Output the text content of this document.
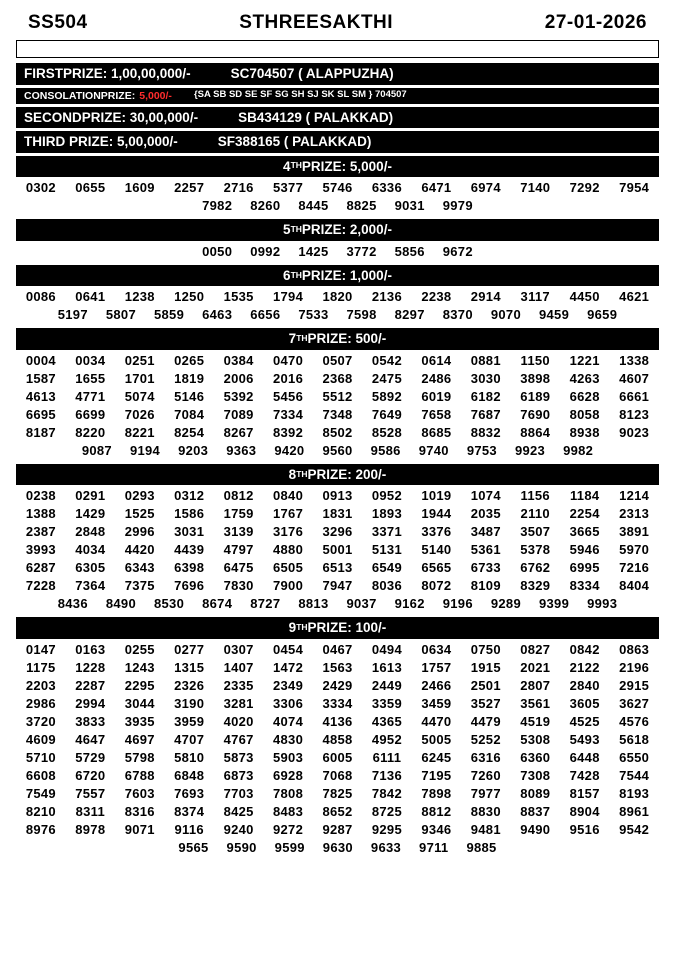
SS504	STHREESAKTHI	27-01-2026
FIRSTPRIZE: 1,00,00,000/-	SC704507 ( ALAPPUZHA)
CONSOLATIONPRIZE: 5,000/- {SA SB SD SE SF SG SH SJ SK SL SM } 704507
SECONDPRIZE: 30,00,000/-	SB434129 ( PALAKKAD)
THIRD PRIZE: 5,00,000/-	SF388165 ( PALAKKAD)
4 TH PRIZE: 5,000/-
0302	0655	1609	2257	2716	5377	5746	6336	6471	6974	7140	7292	7954
7982	8260	8445	8825	9031	9979
5 TH PRIZE: 2,000/-
0050	0992	1425	3772	5856	9672
6 TH PRIZE: 1,000/-
0086	0641	1238	1250	1535	1794	1820	2136	2238	2914	3117	4450	4621
5197	5807	5859	6463	6656	7533	7598	8297	8370	9070	9459	9659
7 TH PRIZE: 500/-
0004	0034	0251	0265	0384	0470	0507	0542	0614	0881	1150	1221	1338
1587	1655	1701	1819	2006	2016	2368	2475	2486	3030	3898	4263	4607
4613	4771	5074	5146	5392	5456	5512	5892	6019	6182	6189	6628	6661
6695	6699	7026	7084	7089	7334	7348	7649	7658	7687	7690	8058	8123
8187	8220	8221	8254	8267	8392	8502	8528	8685	8832	8864	8938	9023
9087	9194	9203	9363	9420	9560	9586	9740	9753	9923	9982
8 TH PRIZE: 200/-
0238	0291	0293	0312	0812	0840	0913	0952	1019	1074	1156	1184	1214
1388	1429	1525	1586	1759	1767	1831	1893	1944	2035	2110	2254	2313
2387	2848	2996	3031	3139	3176	3296	3371	3376	3487	3507	3665	3891
3993	4034	4420	4439	4797	4880	5001	5131	5140	5361	5378	5946	5970
6287	6305	6343	6398	6475	6505	6513	6549	6565	6733	6762	6995	7216
7228	7364	7375	7696	7830	7900	7947	8036	8072	8109	8329	8334	8404
8436	8490	8530	8674	8727	8813	9037	9162	9196	9289	9399	9993
9 TH PRIZE: 100/-
0147	0163	0255	0277	0307	0454	0467	0494	0634	0750	0827	0842	0863
1175	1228	1243	1315	1407	1472	1563	1613	1757	1915	2021	2122	2196
2203	2287	2295	2326	2335	2349	2429	2449	2466	2501	2807	2840	2915
2986	2994	3044	3190	3281	3306	3334	3359	3459	3527	3561	3605	3627
3720	3833	3935	3959	4020	4074	4136	4365	4470	4479	4519	4525	4576
4609	4647	4697	4707	4767	4830	4858	4952	5005	5252	5308	5493	5618
5710	5729	5798	5810	5873	5903	6005	6111	6245	6316	6360	6448	6550
6608	6720	6788	6848	6873	6928	7068	7136	7195	7260	7308	7428	7544
7549	7557	7603	7693	7703	7808	7825	7842	7898	7977	8089	8157	8193
8210	8311	8316	8374	8425	8483	8652	8725	8812	8830	8837	8904	8961
8976	8978	9071	9116	9240	9272	9287	9295	9346	9481	9490	9516	9542
9565	9590	9599	9630	9633	9711	9885
